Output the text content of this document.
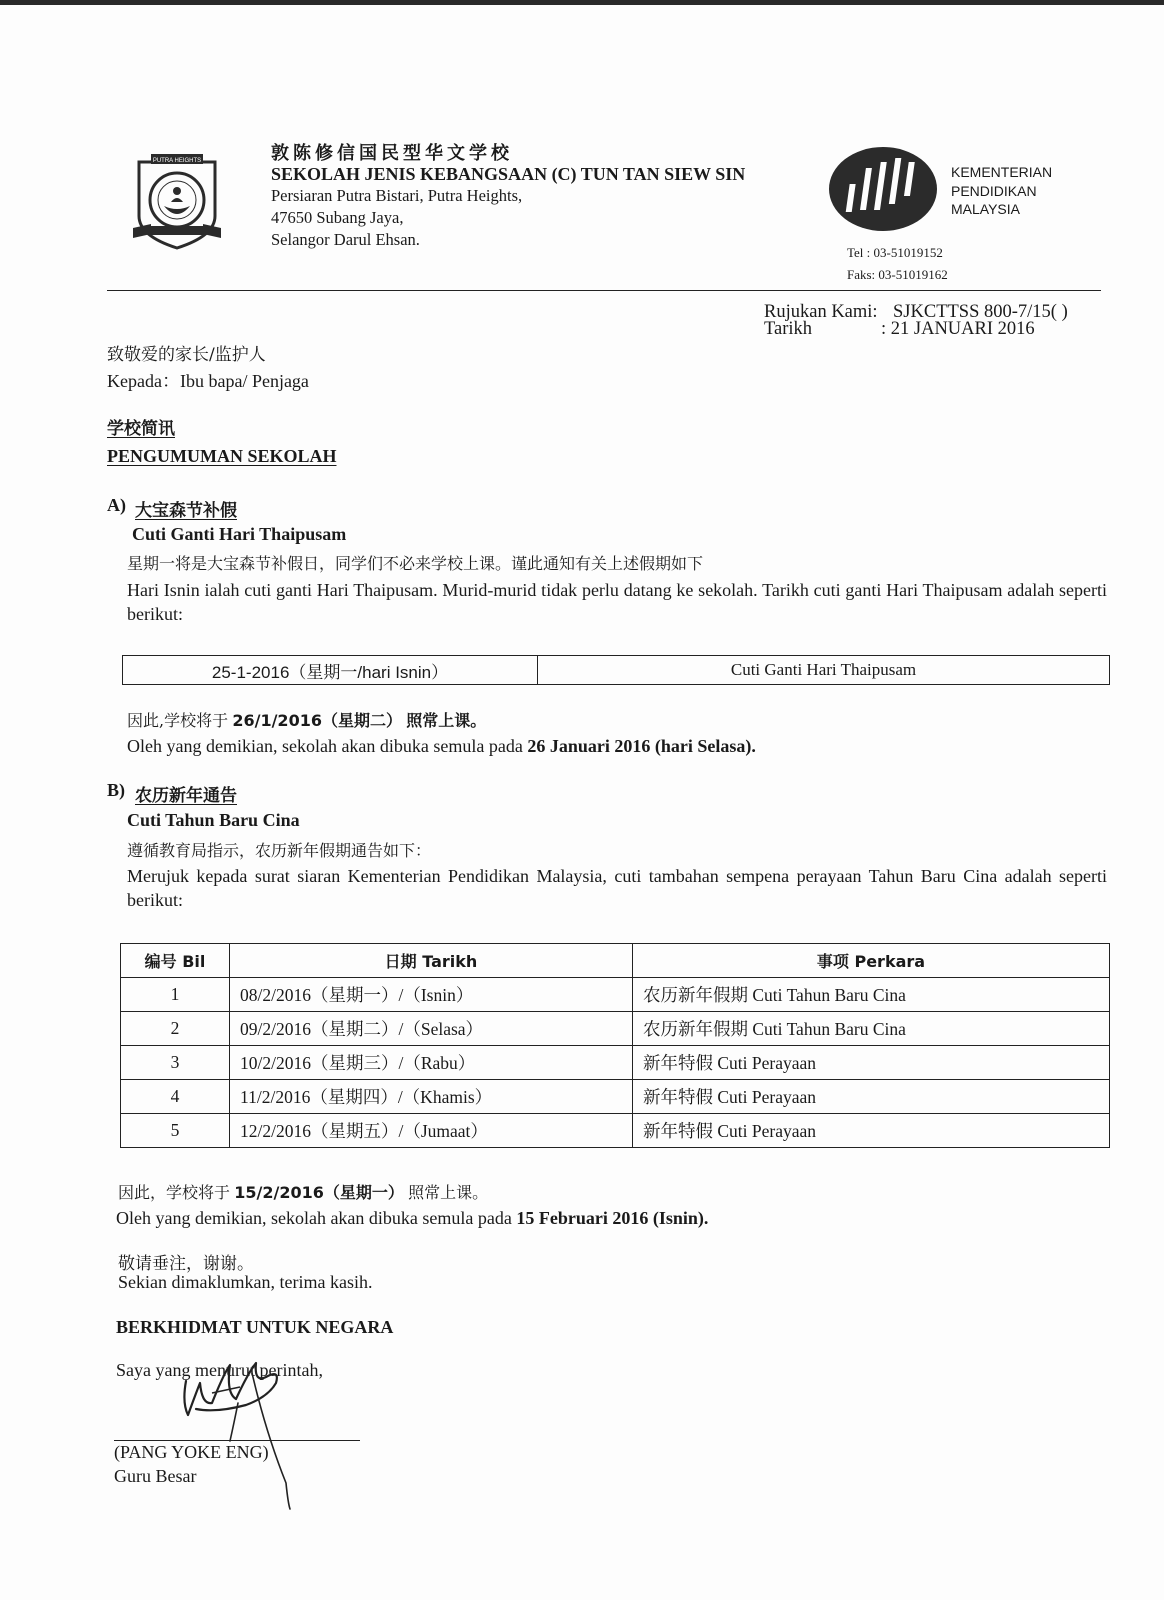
PUTRA HEIGHTS	敦陈修信国民型华文学校
SEKOLAH JENIS KEBANGSAAN (C) TUN TAN SIEW SIN
Persiaran Putra Bistari, Putra Heights,
47650 Subang Jaya,
Selangor Darul Ehsan.
KEMENTERIAN
PENDIDIKAN
MALAYSIA
Tel : 03-51019152
Faks: 03-51019162
Rujukan Kami: SJKCTTSS 800-7/15( )
Tarikh	: 21 JANUARI 2016
致敬爱的家长/监护人
Kepada：Ibu bapa/ Penjaga
学校简讯
PENGUMUMAN SEKOLAH
A) 大宝森节补假
Cuti Ganti Hari Thaipusam
星期一将是大宝森节补假日，同学们不必来学校上课。谨此通知有关上述假期如下
Hari Isnin ialah cuti ganti Hari Thaipusam. Murid-murid tidak perlu datang ke sekolah. Tarikh cuti ganti Hari Thaipusam adalah seperti berikut:
25-1-2016（星期一/hari Isnin）	Cuti Ganti Hari Thaipusam
因此,学校将于 26/1/2016（星期二） 照常上课。
Oleh yang demikian, sekolah akan dibuka semula pada 26 Januari 2016 (hari Selasa).
B) 农历新年通告
Cuti Tahun Baru Cina
遵循教育局指示，农历新年假期通告如下：
Merujuk kepada surat siaran Kementerian Pendidikan Malaysia, cuti tambahan sempena perayaan Tahun Baru Cina adalah seperti berikut:
编号 Bil	日期 Tarikh	事项 Perkara
1	08/2/2016（星期一）/（Isnin）	农历新年假期 Cuti Tahun Baru Cina
2	09/2/2016（星期二）/（Selasa）	农历新年假期 Cuti Tahun Baru Cina
3	10/2/2016（星期三）/（Rabu）	新年特假 Cuti Perayaan
4	11/2/2016（星期四）/（Khamis）	新年特假 Cuti Perayaan
5	12/2/2016（星期五）/（Jumaat）	新年特假 Cuti Perayaan
因此，学校将于 15/2/2016（星期一） 照常上课。
Oleh yang demikian, sekolah akan dibuka semula pada 15 Februari 2016 (Isnin).
敬请垂注，谢谢。
Sekian dimaklumkan, terima kasih.
BERKHIDMAT UNTUK NEGARA
Saya yang menurut perintah,
(PANG YOKE ENG)
Guru Besar
